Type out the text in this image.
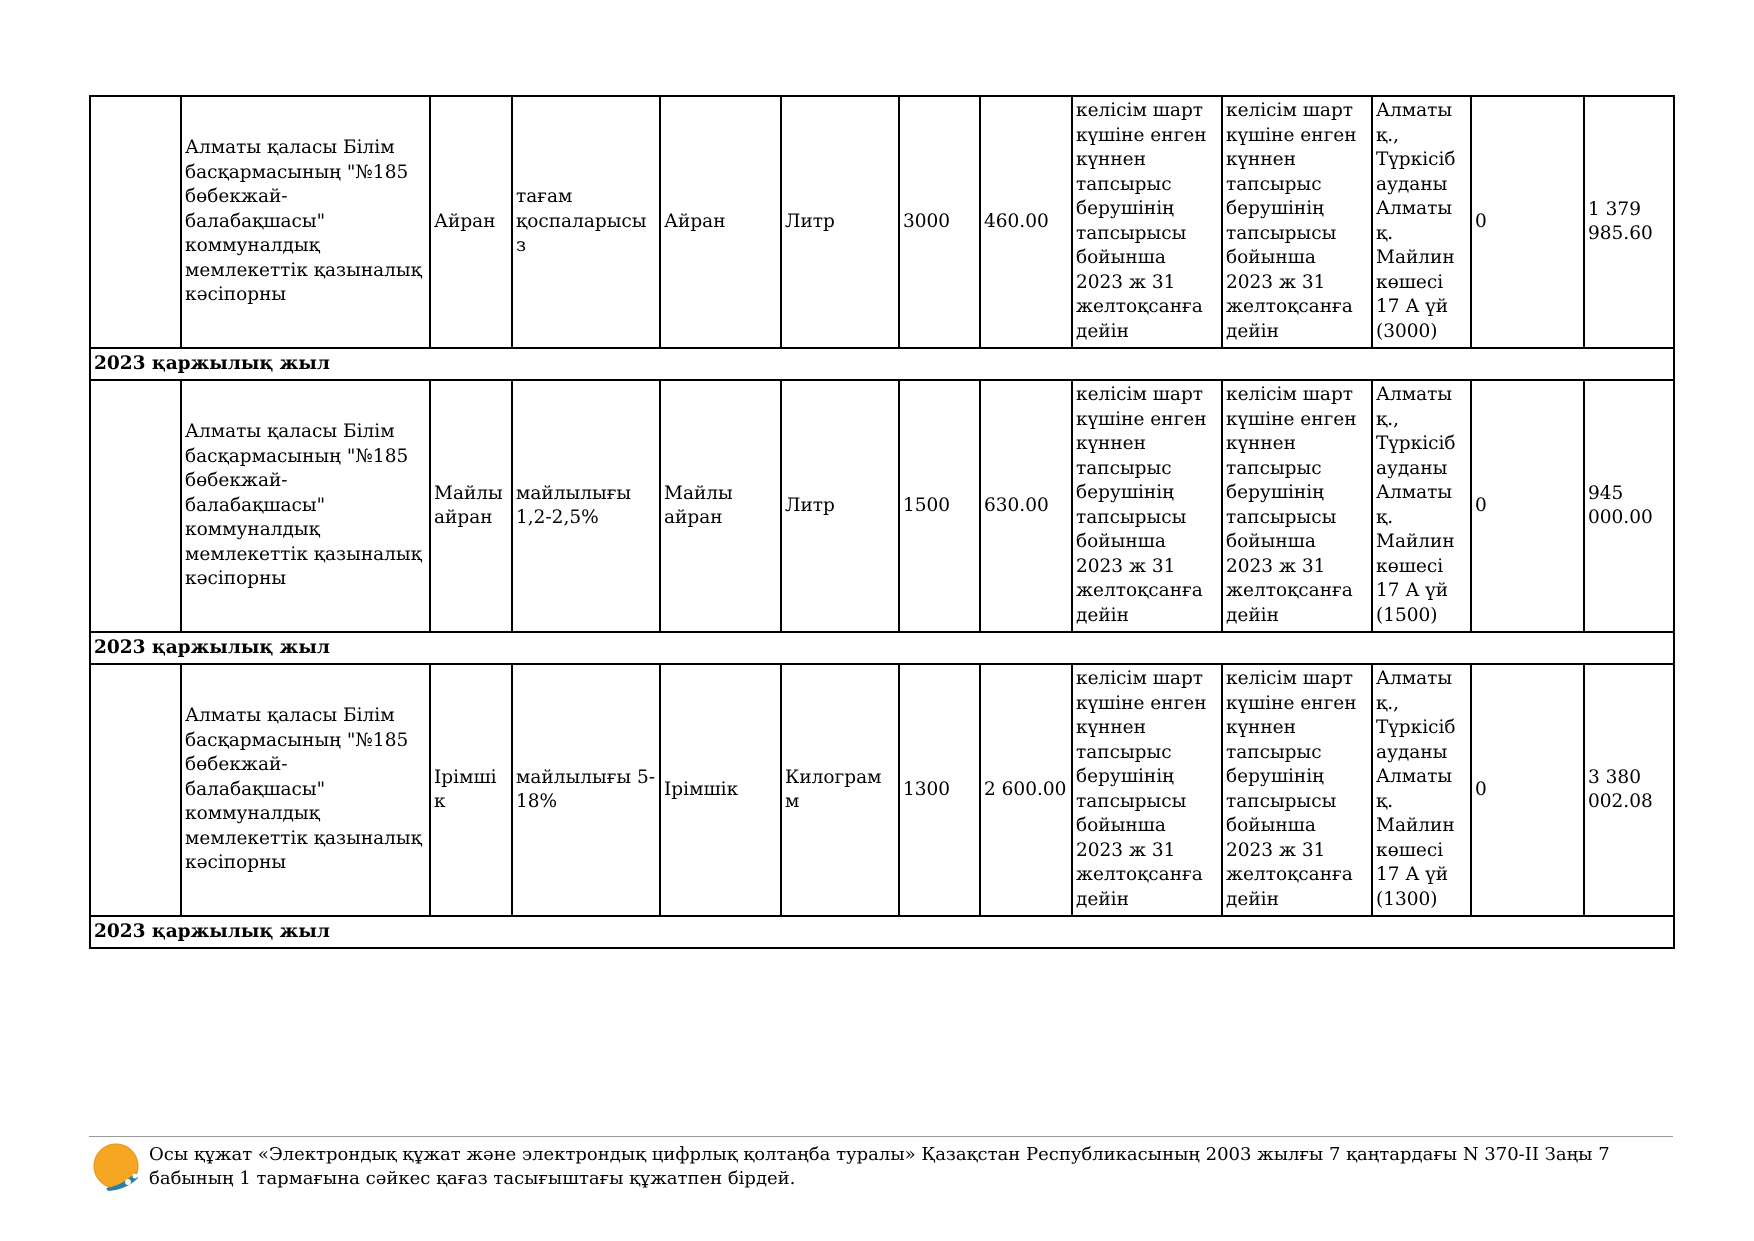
	Алматы қаласы Білім басқармасының "№185 бөбекжай-балабақшасы" коммуналдық мемлекеттік қазыналық кәсіпорны	Айран	тағам қоспаларысыз	Айран	Литр	3000	460.00	келісім шарт күшіне енген күннен тапсырыс берушінің тапсырысы бойынша 2023 ж 31 желтоқсанға дейін	келісім шарт күшіне енген күннен тапсырыс берушінің тапсырысы бойынша 2023 ж 31 желтоқсанға дейін	Алматы қ., Түркісіб ауданы Алматы қ. Майлин көшесі 17 А үй (3000)	0	1 379 985.60
2023 қаржылық жыл												
	Алматы қаласы Білім басқармасының "№185 бөбекжай-балабақшасы" коммуналдық мемлекеттік қазыналық кәсіпорны	Майлы айран	майлылығы 1,2-2,5%	Майлы айран	Литр	1500	630.00	келісім шарт күшіне енген күннен тапсырыс берушінің тапсырысы бойынша 2023 ж 31 желтоқсанға дейін	келісім шарт күшіне енген күннен тапсырыс берушінің тапсырысы бойынша 2023 ж 31 желтоқсанға дейін	Алматы қ., Түркісіб ауданы Алматы қ. Майлин көшесі 17 А үй (1500)	0	945 000.00
2023 қаржылық жыл												
	Алматы қаласы Білім басқармасының "№185 бөбекжай-балабақшасы" коммуналдық мемлекеттік қазыналық кәсіпорны	Ірімшік	майлылығы 5-18%	Ірімшік	Килограмм	1300	2 600.00	келісім шарт күшіне енген күннен тапсырыс берушінің тапсырысы бойынша 2023 ж 31 желтоқсанға дейін	келісім шарт күшіне енген күннен тапсырыс берушінің тапсырысы бойынша 2023 ж 31 желтоқсанға дейін	Алматы қ., Түркісіб ауданы Алматы қ. Майлин көшесі 17 А үй (1300)	0	3 380 002.08
2023 қаржылық жыл												
Осы құжат «Электрондық құжат және электрондық цифрлық қолтаңба туралы» Қазақстан Республикасының 2003 жылғы 7 қаңтардағы N 370-II Заңы 7 бабының 1 тармағына сәйкес қағаз тасығыштағы құжатпен бірдей.
